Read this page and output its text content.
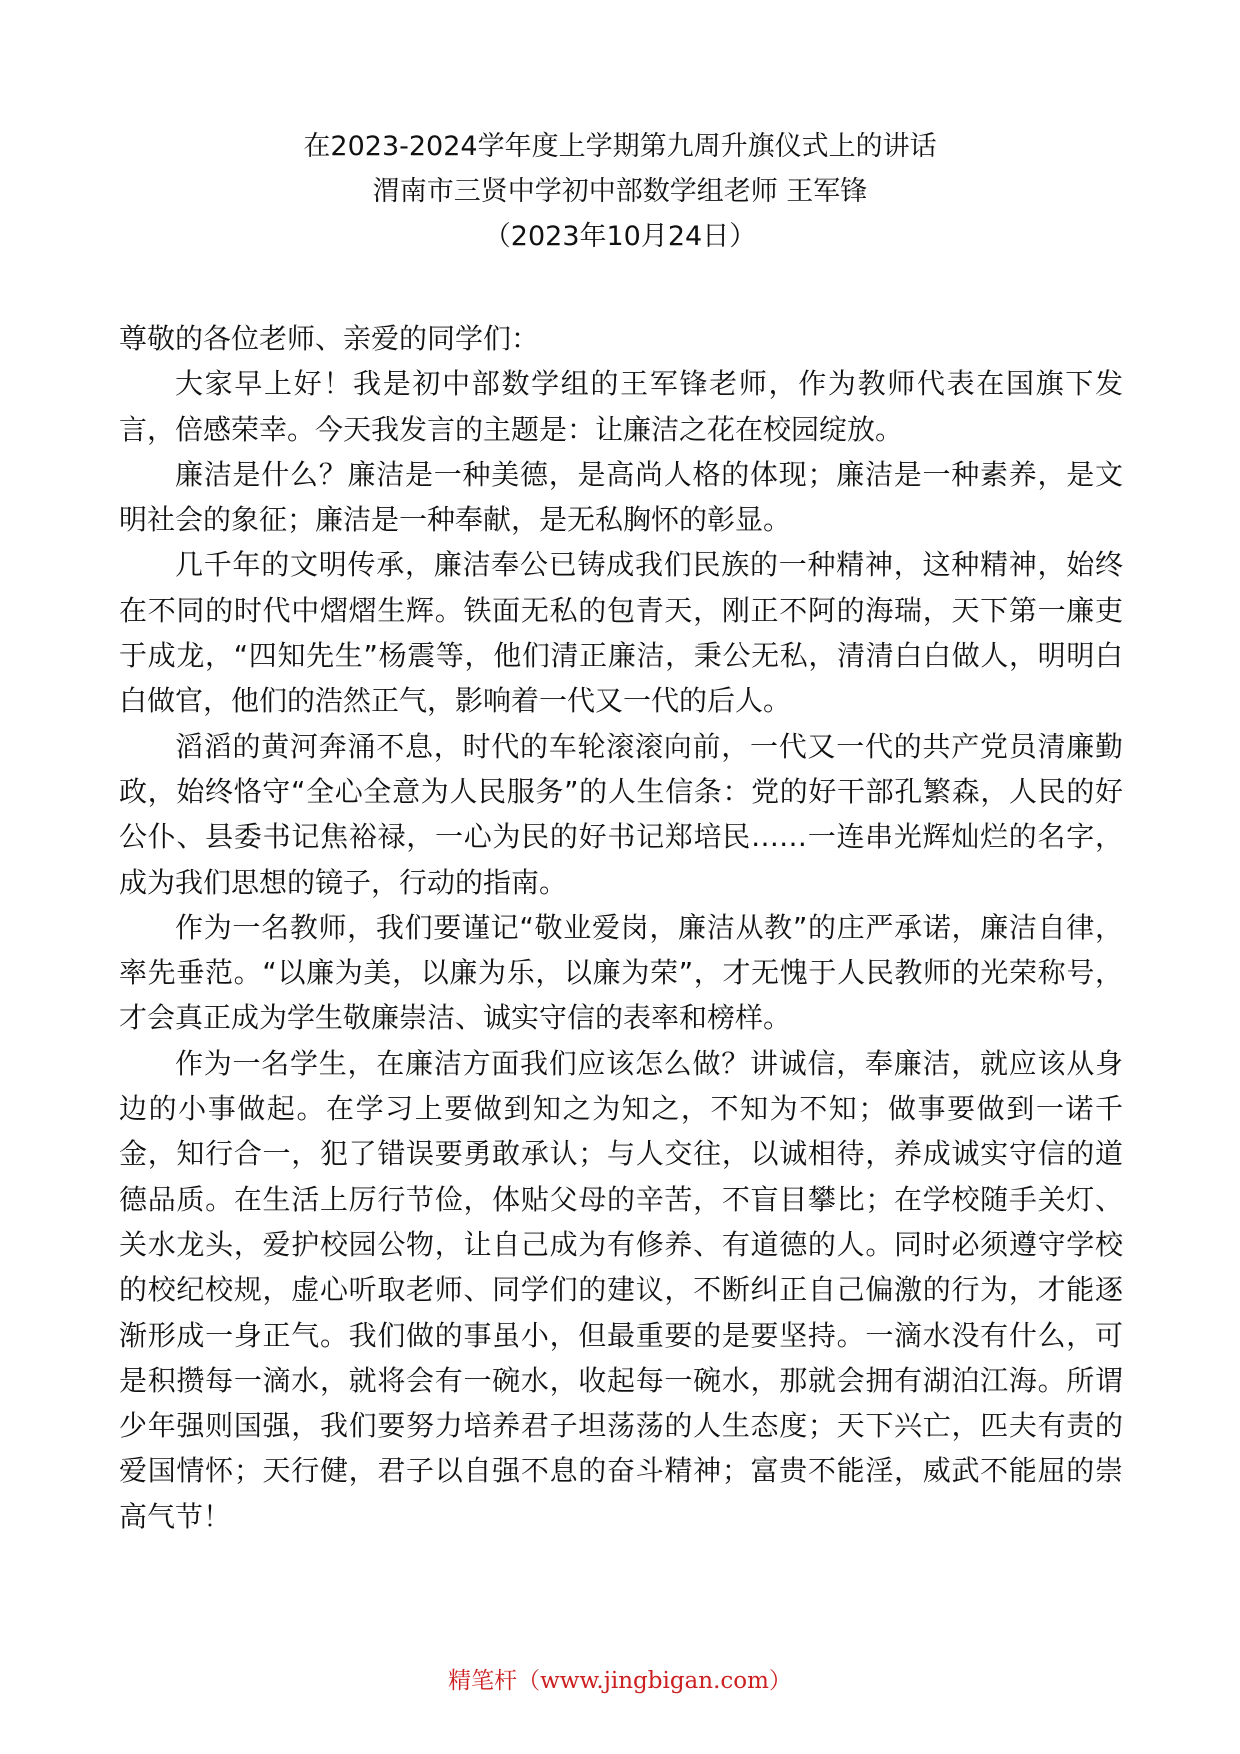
在2023-2024学年度上学期第九周升旗仪式上的讲话
渭南市三贤中学初中部数学组老师 王军锋
（2023年10月24日）

尊敬的各位老师、亲爱的同学们：

大家早上好！我是初中部数学组的王军锋老师，作为教师代表在国旗下发言，倍感荣幸。今天我发言的主题是：让廉洁之花在校园绽放。

廉洁是什么？廉洁是一种美德，是高尚人格的体现；廉洁是一种素养，是文明社会的象征；廉洁是一种奉献，是无私胸怀的彰显。

几千年的文明传承，廉洁奉公已铸成我们民族的一种精神，这种精神，始终在不同的时代中熠熠生辉。铁面无私的包青天，刚正不阿的海瑞，天下第一廉吏于成龙，“四知先生”杨震等，他们清正廉洁，秉公无私，清清白白做人，明明白白做官，他们的浩然正气，影响着一代又一代的后人。

滔滔的黄河奔涌不息，时代的车轮滚滚向前，一代又一代的共产党员清廉勤政，始终恪守“全心全意为人民服务”的人生信条：党的好干部孔繁森，人民的好公仆、县委书记焦裕禄，一心为民的好书记郑培民……一连串光辉灿烂的名字，成为我们思想的镜子，行动的指南。

作为一名教师，我们要谨记“敬业爱岗，廉洁从教”的庄严承诺，廉洁自律，率先垂范。“以廉为美，以廉为乐，以廉为荣”，才无愧于人民教师的光荣称号，才会真正成为学生敬廉崇洁、诚实守信的表率和榜样。

作为一名学生，在廉洁方面我们应该怎么做？讲诚信，奉廉洁，就应该从身边的小事做起。在学习上要做到知之为知之，不知为不知；做事要做到一诺千金，知行合一，犯了错误要勇敢承认；与人交往，以诚相待，养成诚实守信的道德品质。在生活上厉行节俭，体贴父母的辛苦，不盲目攀比；在学校随手关灯、关水龙头，爱护校园公物，让自己成为有修养、有道德的人。同时必须遵守学校的校纪校规，虚心听取老师、同学们的建议，不断纠正自己偏激的行为，才能逐渐形成一身正气。我们做的事虽小，但最重要的是要坚持。一滴水没有什么，可是积攒每一滴水，就将会有一碗水，收起每一碗水，那就会拥有湖泊江海。所谓少年强则国强，我们要努力培养君子坦荡荡的人生态度；天下兴亡，匹夫有责的爱国情怀；天行健，君子以自强不息的奋斗精神；富贵不能淫，威武不能屈的崇高气节！

精笔杆（www.jingbigan.com）
